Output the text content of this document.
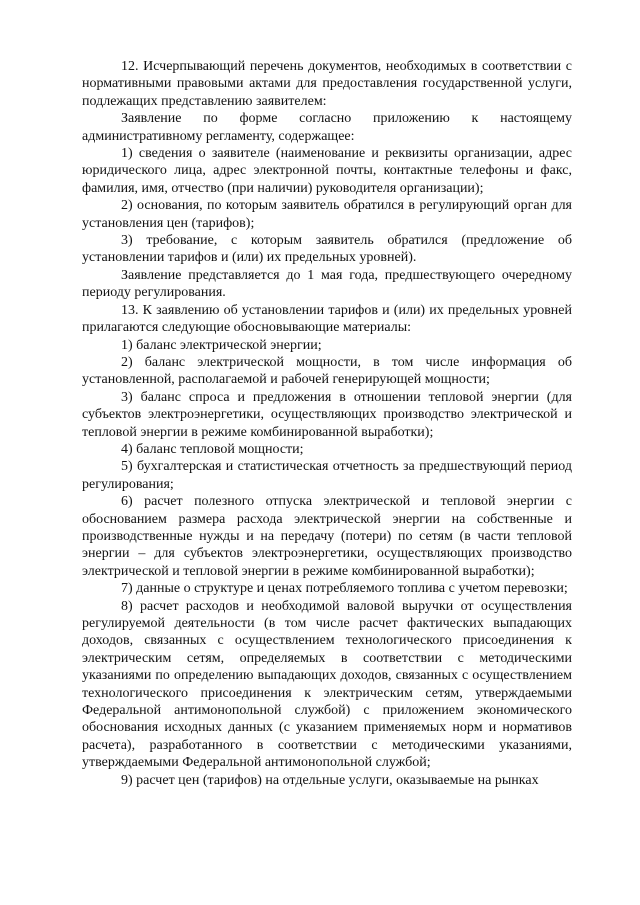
12. Исчерпывающий перечень документов, необходимых в соответствии с нормативными правовыми актами для предоставления государственной услуги, подлежащих представлению заявителем:

Заявление по форме согласно приложению к настоящему административному регламенту, содержащее:

1) сведения о заявителе (наименование и реквизиты организации, адрес юридического лица, адрес электронной почты, контактные телефоны и факс, фамилия, имя, отчество (при наличии) руководителя организации);

2) основания, по которым заявитель обратился в регулирующий орган для установления цен (тарифов);

3) требование, с которым заявитель обратился (предложение об установлении тарифов и (или) их предельных уровней).

Заявление представляется до 1 мая года, предшествующего очередному периоду регулирования.

13. К заявлению об установлении тарифов и (или) их предельных уровней прилагаются следующие обосновывающие материалы:

1) баланс электрической энергии;

2) баланс электрической мощности, в том числе информация об установленной, располагаемой и рабочей генерирующей мощности;

3) баланс спроса и предложения в отношении тепловой энергии (для субъектов электроэнергетики, осуществляющих производство электрической и тепловой энергии в режиме комбинированной выработки);

4) баланс тепловой мощности;

5) бухгалтерская и статистическая отчетность за предшествующий период регулирования;

6) расчет полезного отпуска электрической и тепловой энергии с обоснованием размера расхода электрической энергии на собственные и производственные нужды и на передачу (потери) по сетям (в части тепловой энергии – для субъектов электроэнергетики, осуществляющих производство электрической и тепловой энергии в режиме комбинированной выработки);

7) данные о структуре и ценах потребляемого топлива с учетом перевозки;

8) расчет расходов и необходимой валовой выручки от осуществления регулируемой деятельности (в том числе расчет фактических выпадающих доходов, связанных с осуществлением технологического присоединения к электрическим сетям, определяемых в соответствии с методическими указаниями по определению выпадающих доходов, связанных с осуществлением технологического присоединения к электрическим сетям, утверждаемыми Федеральной антимонопольной службой) с приложением экономического обоснования исходных данных (с указанием применяемых норм и нормативов расчета), разработанного в соответствии с методическими указаниями, утверждаемыми Федеральной антимонопольной службой;

9) расчет цен (тарифов) на отдельные услуги, оказываемые на рынках
